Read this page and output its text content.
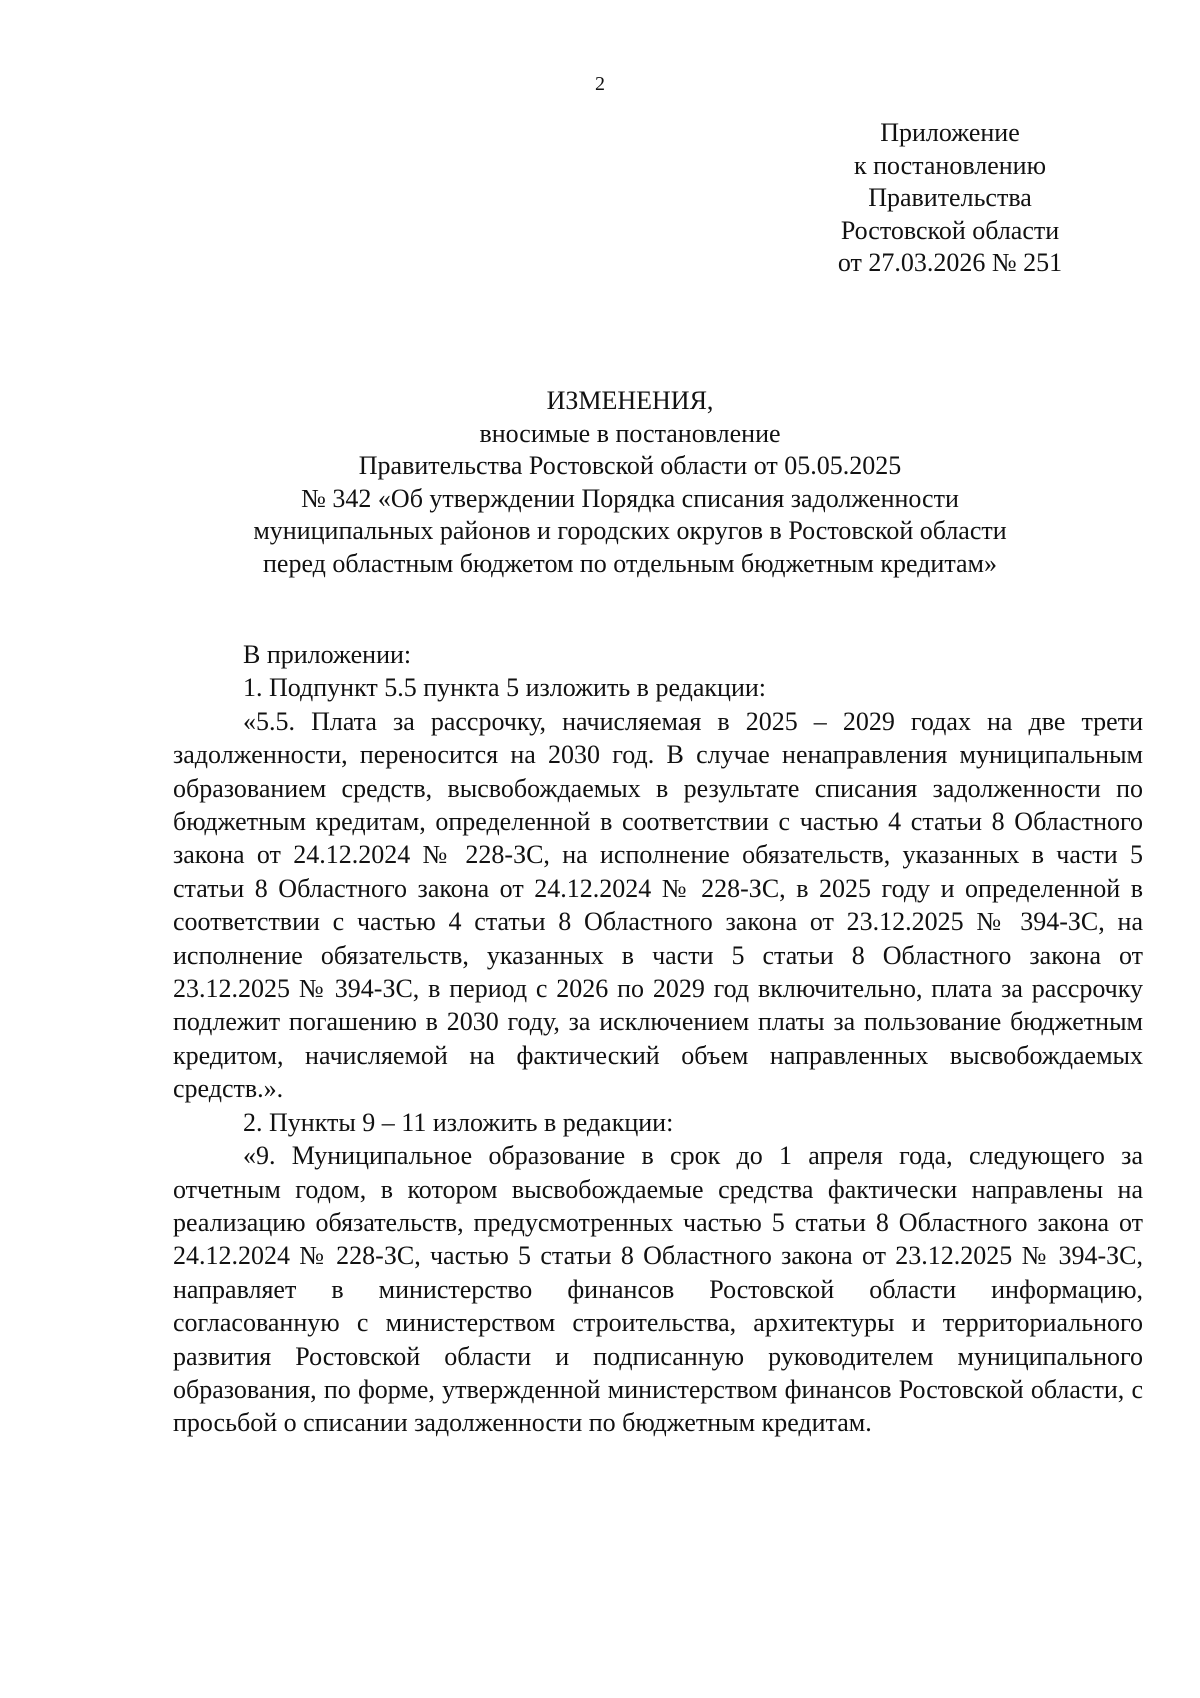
2
Приложение
к постановлению
Правительства
Ростовской области
от 27.03.2026 № 251
ИЗМЕНЕНИЯ,
вносимые в постановление
Правительства Ростовской области от 05.05.2025
№ 342 «Об утверждении Порядка списания задолженности
муниципальных районов и городских округов в Ростовской области
перед областным бюджетом по отдельным бюджетным кредитам»

В приложении:

1. Подпункт 5.5 пункта 5 изложить в редакции:

«5.5. Плата за рассрочку, начисляемая в 2025 – 2029 годах на две трети задолженности, переносится на 2030 год. В случае ненаправления муниципальным образованием средств, высвобождаемых в результате списания задолженности по бюджетным кредитам, определенной в соответствии с частью 4 статьи 8 Областного закона от 24.12.2024 № 228-ЗС, на исполнение обязательств, указанных в части 5 статьи 8 Областного закона от 24.12.2024 № 228-ЗС, в 2025 году и определенной в соответствии с частью 4 статьи 8 Областного закона от 23.12.2025 № 394-ЗС, на исполнение обязательств, указанных в части 5 статьи 8 Областного закона от 23.12.2025 № 394-ЗС, в период с 2026 по 2029 год включительно, плата за рассрочку подлежит погашению в 2030 году, за исключением платы за пользование бюджетным кредитом, начисляемой на фактический объем направленных высвобождаемых средств.».

2. Пункты 9 – 11 изложить в редакции:

«9. Муниципальное образование в срок до 1 апреля года, следующего за отчетным годом, в котором высвобождаемые средства фактически направлены на реализацию обязательств, предусмотренных частью 5 статьи 8 Областного закона от 24.12.2024 № 228-ЗС, частью 5 статьи 8 Областного закона от 23.12.2025 № 394-ЗС, направляет в министерство финансов Ростовской области информацию, согласованную с министерством строительства, архитектуры и территориального развития Ростовской области и подписанную руководителем муниципального образования, по форме, утвержденной министерством финансов Ростовской области, с просьбой о списании задолженности по бюджетным кредитам.
